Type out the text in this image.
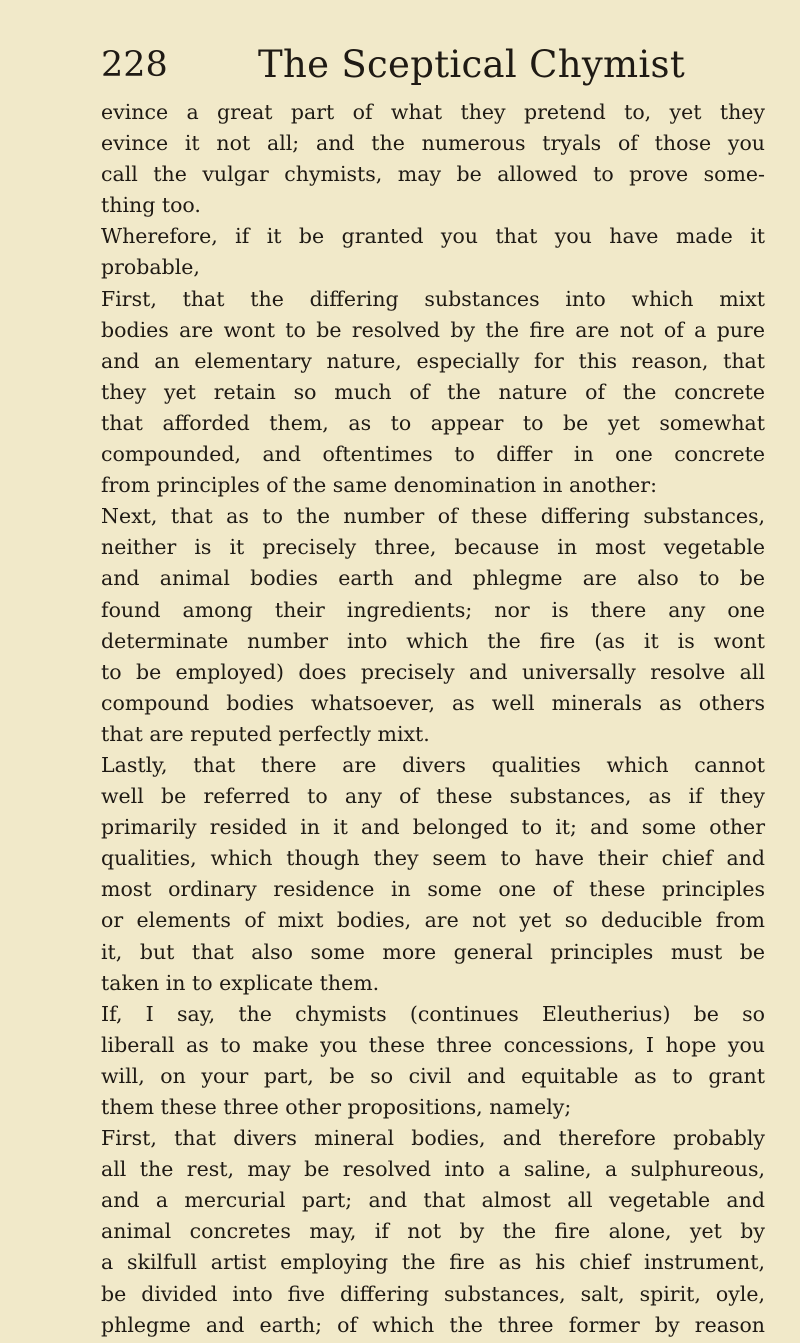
228 The Sceptical Chymist
evince a great part of what they pretend to, yet they
evince it not all; and the numerous tryals of those you
call the vulgar chymists, may be allowed to prove some-
thing too.
Wherefore, if it be granted you that you have made it
probable,
First, that the differing substances into which mixt
bodies are wont to be resolved by the fire are not of a pure
and an elementary nature, especially for this reason, that
they yet retain so much of the nature of the concrete
that afforded them, as to appear to be yet somewhat
compounded, and oftentimes to differ in one concrete
from principles of the same denomination in another:
Next, that as to the number of these differing substances,
neither is it precisely three, because in most vegetable
and animal bodies earth and phlegme are also to be
found among their ingredients; nor is there any one
determinate number into which the fire (as it is wont
to be employed) does precisely and universally resolve all
compound bodies whatsoever, as well minerals as others
that are reputed perfectly mixt.
Lastly, that there are divers qualities which cannot
well be referred to any of these substances, as if they
primarily resided in it and belonged to it; and some other
qualities, which though they seem to have their chief and
most ordinary residence in some one of these principles
or elements of mixt bodies, are not yet so deducible from
it, but that also some more general principles must be
taken in to explicate them.
If, I say, the chymists (continues Eleutherius) be so
liberall as to make you these three concessions, I hope you
will, on your part, be so civil and equitable as to grant
them these three other propositions, namely;
First, that divers mineral bodies, and therefore probably
all the rest, may be resolved into a saline, a sulphureous,
and a mercurial part; and that almost all vegetable and
animal concretes may, if not by the fire alone, yet by
a skilfull artist employing the fire as his chief instrument,
be divided into five differing substances, salt, spirit, oyle,
phlegme and earth; of which the three former by reason
